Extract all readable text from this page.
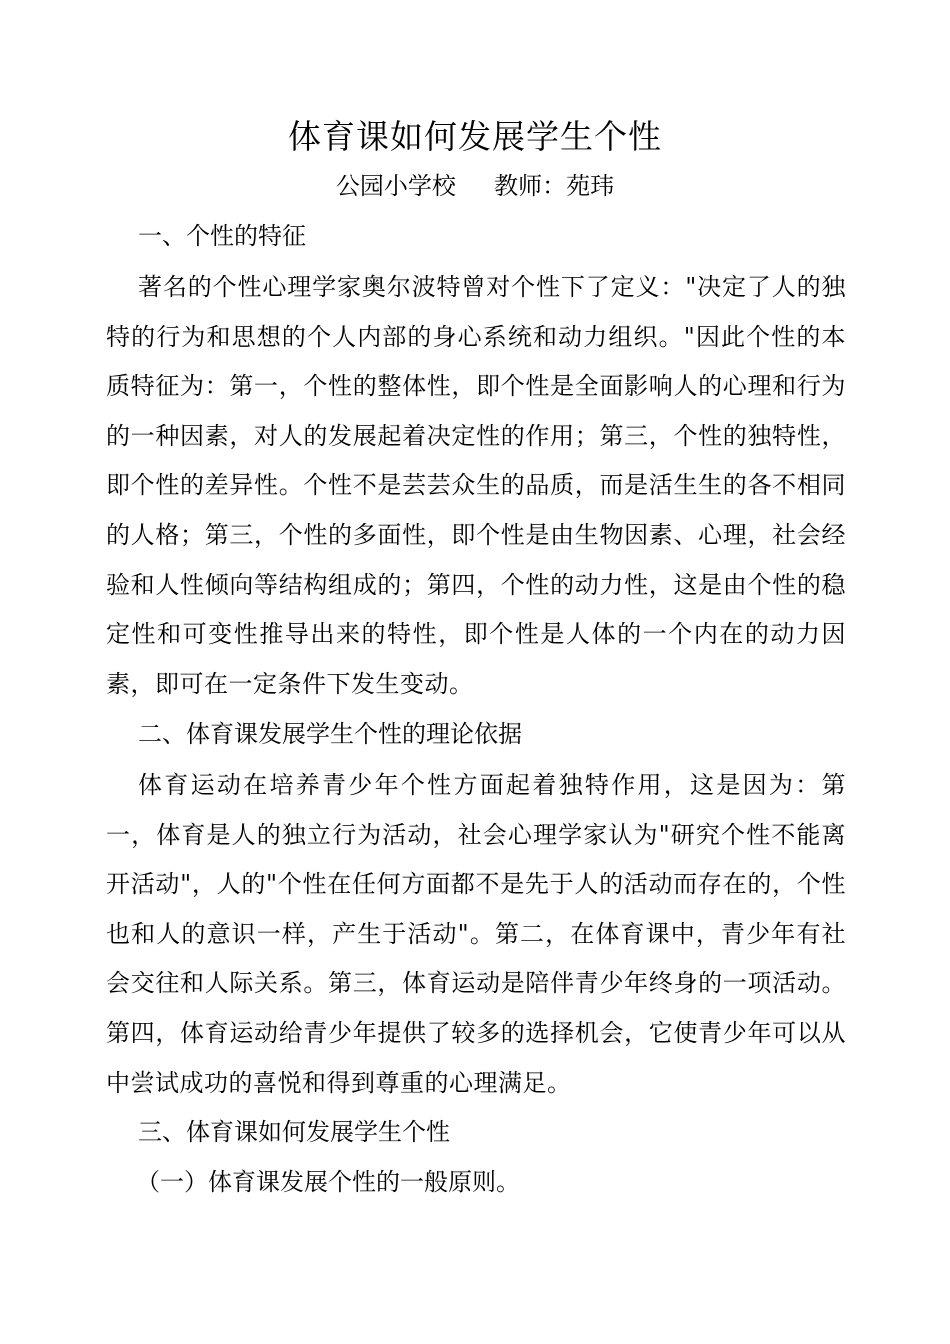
体育课如何发展学生个性
公园小学校     教师：苑玮
一、个性的特征

著名的个性心理学家奥尔波特曾对个性下了定义："决定了人的独特的行为和思想的个人内部的身心系统和动力组织。"因此个性的本质特征为：第一，个性的整体性，即个性是全面影响人的心理和行为的一种因素，对人的发展起着决定性的作用；第三，个性的独特性，即个性的差异性。个性不是芸芸众生的品质，而是活生生的各不相同的人格；第三，个性的多面性，即个性是由生物因素、心理，社会经验和人性倾向等结构组成的；第四，个性的动力性，这是由个性的稳定性和可变性推导出来的特性，即个性是人体的一个内在的动力因素，即可在一定条件下发生变动。

二、体育课发展学生个性的理论依据

体育运动在培养青少年个性方面起着独特作用，这是因为：第一，体育是人的独立行为活动，社会心理学家认为"研究个性不能离开活动"，人的"个性在任何方面都不是先于人的活动而存在的，个性也和人的意识一样，产生于活动"。第二，在体育课中，青少年有社会交往和人际关系。第三，体育运动是陪伴青少年终身的一项活动。第四，体育运动给青少年提供了较多的选择机会，它使青少年可以从中尝试成功的喜悦和得到尊重的心理满足。

三、体育课如何发展学生个性
（一）体育课发展个性的一般原则。
